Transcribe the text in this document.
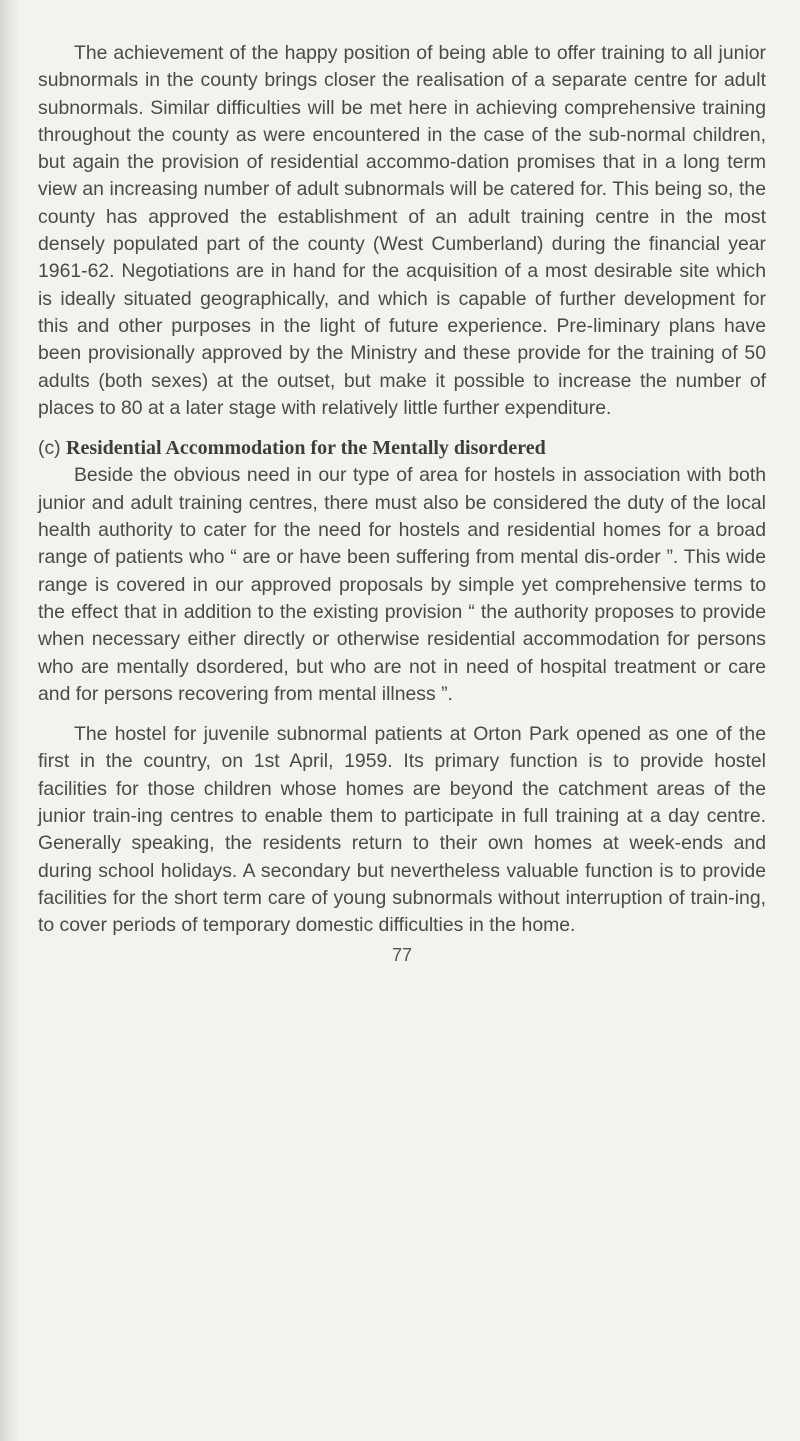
The achievement of the happy position of being able to offer training to all junior subnormals in the county brings closer the realisation of a separate centre for adult subnormals. Similar difficulties will be met here in achieving comprehensive training throughout the county as were encountered in the case of the sub-normal children, but again the provision of residential accommo-dation promises that in a long term view an increasing number of adult subnormals will be catered for. This being so, the county has approved the establishment of an adult training centre in the most densely populated part of the county (West Cumberland) during the financial year 1961-62. Negotiations are in hand for the acquisition of a most desirable site which is ideally situated geographically, and which is capable of further development for this and other purposes in the light of future experience. Pre-liminary plans have been provisionally approved by the Ministry and these provide for the training of 50 adults (both sexes) at the outset, but make it possible to increase the number of places to 80 at a later stage with relatively little further expenditure.

(c) Residential Accommodation for the Mentally disordered

Beside the obvious need in our type of area for hostels in association with both junior and adult training centres, there must also be considered the duty of the local health authority to cater for the need for hostels and residential homes for a broad range of patients who “ are or have been suffering from mental dis-order ”. This wide range is covered in our approved proposals by simple yet comprehensive terms to the effect that in addition to the existing provision “ the authority proposes to provide when necessary either directly or otherwise residential accommodation for persons who are mentally dsordered, but who are not in need of hospital treatment or care and for persons recovering from mental illness ”.

The hostel for juvenile subnormal patients at Orton Park opened as one of the first in the country, on 1st April, 1959. Its primary function is to provide hostel facilities for those children whose homes are beyond the catchment areas of the junior train-ing centres to enable them to participate in full training at a day centre. Generally speaking, the residents return to their own homes at week-ends and during school holidays. A secondary but nevertheless valuable function is to provide facilities for the short term care of young subnormals without interruption of train-ing, to cover periods of temporary domestic difficulties in the home.

77
